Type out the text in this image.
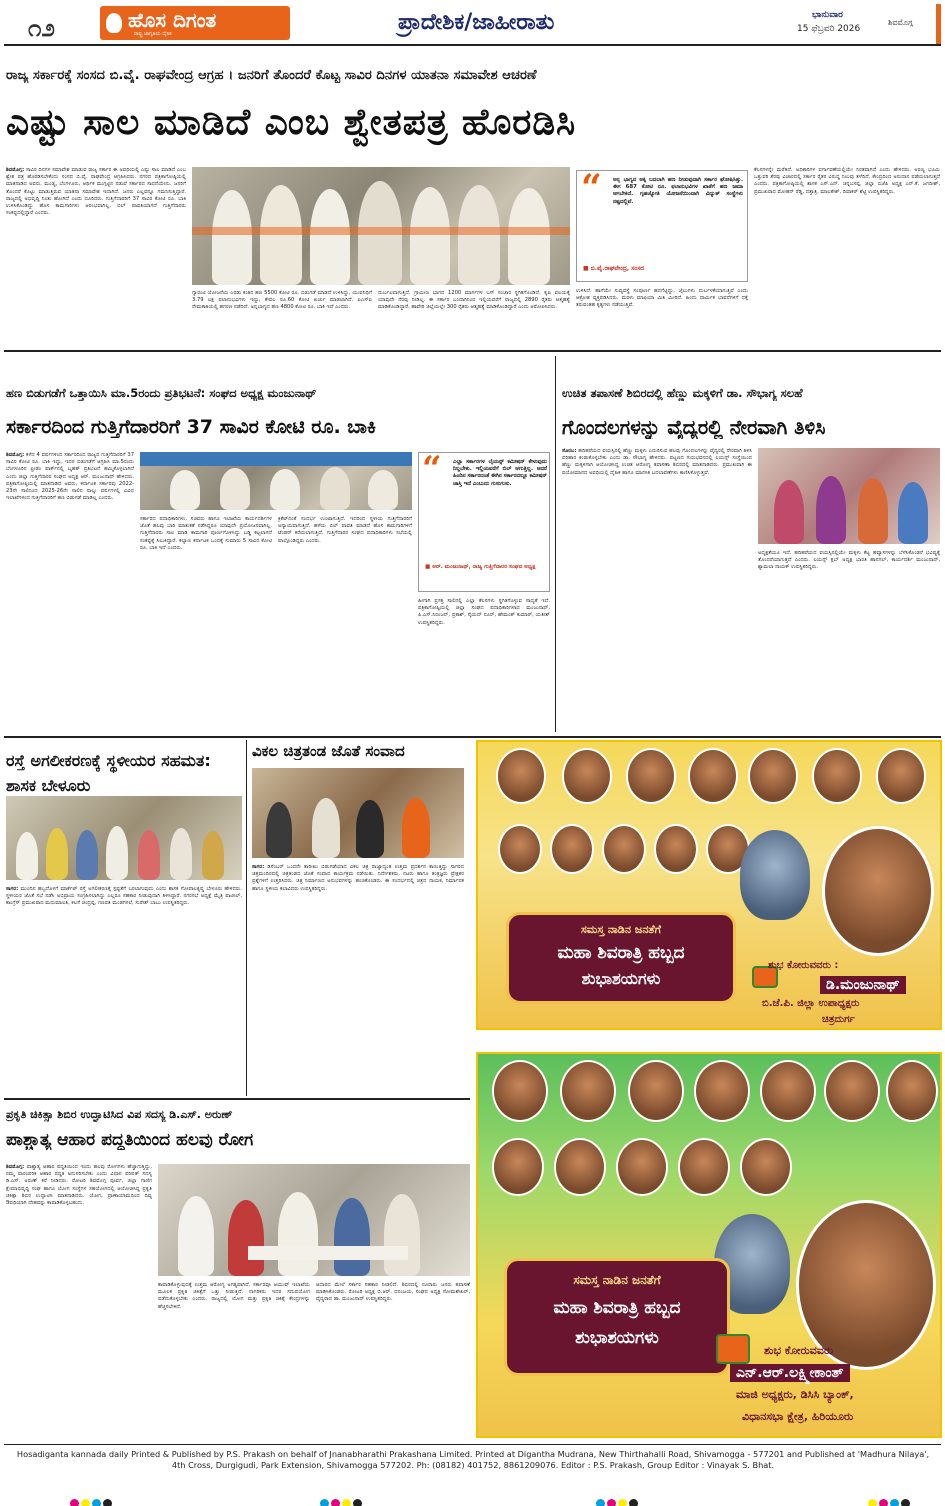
೧೨	ಹೊಸ ದಿಗಂತ
ರಾಷ್ಟ್ರ ಜಾಗೃತಿಯ ದೈನಿಕ	ಪ್ರಾದೇಶಿಕ/ಜಾಹೀರಾತು	ಭಾನುವಾರ
15 ಫೆಬ್ರವರಿ 2026
ಶಿವಮೊಗ್ಗ
ರಾಜ್ಯ ಸರ್ಕಾರಕ್ಕೆ ಸಂಸದ ಬಿ.ವೈ. ರಾಘವೇಂದ್ರ ಆಗ್ರಹ । ಜನರಿಗೆ ತೊಂದರೆ ಕೊಟ್ಟ ಸಾವಿರ ದಿನಗಳ ಯಾತನಾ ಸಮಾವೇಶ ಆಚರಣೆ
ಎಷ್ಟು ಸಾಲ ಮಾಡಿದೆ ಎಂಬ ಶ್ವೇತಪತ್ರ ಹೊರಡಿಸಿ
ಶಿವಮೊಗ್ಗ: ಸಾವಿರ ದಿನಗಳ ಸಮಾವೇಶ ಮಾಡುವ ರಾಜ್ಯ ಸರ್ಕಾರ ಈ ಅವಧಿಯಲ್ಲಿ ಎಷ್ಟು ಸಾಲ ಮಾಡಿದೆ ಎಂಬ ಶ್ವೇತ ಪತ್ರ ಹೊರಡಿಸಬೇಕೆಂದು ಸಂಸದ ಬಿ.ವೈ. ರಾಘವೇಂದ್ರ ಆಗ್ರಹಿಸಿದರು. ನಗರದ ಪತ್ರಿಕಾಗೋಷ್ಠಿಯಲ್ಲಿ ಮಾತನಾಡಿದ ಅವರು, ಮಂಡ್ಯ, ಬೆಂಗಳೂರು, ಆರ್ಥಿಕ ಮುಗ್ಗಟ್ಟಿನ ನಡುವೆ ಸರ್ಕಾರದ ಸಾಧನೆಯೇನು. ಜನರಿಗೆ ತೊಂದರೆ ಕೊಟ್ಟು ಮಾಡುತ್ತಿರುವ ಯಾತನಾ ಸಮಾವೇಶ ಇದಾಗಿದೆ. ಜನರು ಎಲ್ಲವನ್ನೂ ಗಮನಿಸುತ್ತಿದ್ದಾರೆ. ರಾಜ್ಯದಲ್ಲಿ ಅಭಿವೃದ್ಧಿ ನಿಂತು ಹೋಗಿದೆ ಎಂದು ದೂರಿದರು. ಗುತ್ತಿಗೆದಾರರಿಗೆ 37 ಸಾವಿರ ಕೋಟಿ ರೂ. ಬಾಕಿ ಉಳಿಸಿಕೊಂಡಿದ್ದು ಹೊಸ ಕಾಮಗಾರಿಗಳು ಆರಂಭವಾಗಿಲ್ಲ. ಬಿಲ್ ಪಾವತಿಯಾಗದೆ ಗುತ್ತಿಗೆದಾರರು ಸಂಕಷ್ಟದಲ್ಲಿದ್ದಾರೆ ಎಂದರು.
ಗ್ಯಾರಂಟಿ ಯೋಜನೆಯ ಎರಡು ಕಂತಿನ ಹಣ 5500 ಕೋಟಿ ರೂ. ಬಿಡುಗಡೆ ಮಾಡದೆ ಉಳಿಸಿದ್ದು, ಯುವನಿಧಿಗೆ 3.79 ಲಕ್ಷ ಫಲಾನುಭವಿಗಳು ಇದ್ದು, ಕೇವಲ ರೂ.60 ಕೋಟಿ ಖರ್ಚು ಮಾಡಲಾಗಿದೆ. ಪಿಎಸ್ಐ ನೇಮಕಾತಿಯಲ್ಲಿ ಹಗರಣ ನಡೆದಿದೆ. ಅನ್ನಭಾಗ್ಯದ ಹಣ 4800 ಕೋಟಿ ರೂ. ಬಾಕಿ ಇದೆ ಎಂದರು.
ದುರ್ಬಲವಾಗುತ್ತಿದೆ. ಗ್ರಾಮೀಣ ಭಾಗದ 1200 ಮಾರ್ಗಗಳ ಬಸ್ ಸಂಚಾರ ಸ್ಥಗಿತಗೊಂಡಿದೆ. ಕೃಷಿ ವಲಯಕ್ಕೆ ಯಾವುದೇ ನೆರವು ನೀಡಿಲ್ಲ. ಈ ಸರ್ಕಾರ ಬಂದಾಗಿನಿಂದ ಇಲ್ಲಿಯವರೆಗೆ ರಾಜ್ಯದಲ್ಲಿ 2890 ರೈತರು ಆತ್ಮಹತ್ಯೆ ಮಾಡಿಕೊಂಡಿದ್ದಾರೆ. ಹಾವೇರಿ ಜಿಲ್ಲೆಯಲ್ಲೇ 300 ರೈತರು ಆತ್ಮಹತ್ಯೆ ಮಾಡಿಕೊಂಡಿದ್ದಾರೆ ಎಂದು ಆರೋಪಿಸಿದರು.
“ ಅನ್ನ ಭಾಗ್ಯದ ಅಕ್ಕಿ ಬದಲಾಗಿ ಹಣ ನೀಡುವುದಾಗಿ ಸರ್ಕಾರ ಘೋಷಿಸಿತ್ತು. ಈಗ 687 ಕೋಟಿ ರೂ. ಫಲಾನುಭವಿಗಳ ಖಾತೆಗೆ ಹಣ ಜಮಾ ಆಗಬೇಕಿದೆ. ಗೃಹಜ್ಯೋತಿ ಯೋಜನೆಯಿಂದಾಗಿ ವಿದ್ಯುತ್ ಸಂಸ್ಥೆಗಳು ನಷ್ಟದಲ್ಲಿವೆ.
■ ಬಿ.ವೈ.ರಾಘವೇಂದ್ರ, ಸಂಸದ
ಉಳಿಸಿದೆ. ಹಾಗೆಯೇ ಸುವ್ಯವಸ್ಥೆ ಸಂಪೂರ್ಣ ಹದಗೆಟ್ಟಿದ್ದು, ಜೈಲುಗಳು ದುರ್ಬಳಕೆಯಾಗುತ್ತಿವೆ ಎಂದು ಆಕ್ರೋಶ ವ್ಯಕ್ತಪಡಿಸಿದರು. ಮರಳು ಮಾಫಿಯಾ ಮಿತಿ ಮೀರಿದೆ. ಹಿಂದು ಧಾರ್ಮಿಕ ಭಾವನೆಗಳಿಗೆ ಧಕ್ಕೆ ತರುವಂತಹ ಕೃತ್ಯಗಳು ನಡೆಯುತ್ತಿವೆ.
ಕೆಲಸಗಳನ್ನೇ ಮರೆತಿದೆ. ಅಧಿಕಾರಿಗಳ ವರ್ಗಾವಣೆಯಲ್ಲಿಯೇ ನಿರತವಾಗಿದೆ ಎಂದು ಹೇಳಿದರು. ಅರಣ್ಯ ಭೂಮಿ ಒತ್ತುವರಿ ತೆರವು ವಿಚಾರದಲ್ಲಿ ಸರ್ಕಾರ ರೈತರ ವಿರುದ್ಧ ನಿಲುವು ತಳೆದಿದೆ. ಕೇಂದ್ರದಿಂದ ಅನುದಾನ ಪಡೆಯಲಾಗುತ್ತದೆ ಎಂದರು. ಪತ್ರಿಕಾಗೋಷ್ಠಿಯಲ್ಲಿ ಶಾಸಕ ಎಸ್.ಎನ್. ಚನ್ನಬಸಪ್ಪ, ಜಿಲ್ಲಾ ಬಿಜೆಪಿ ಅಧ್ಯಕ್ಷ ಎನ್.ಕೆ. ಜಗದೀಶ್, ಪ್ರಮುಖರಾದ ಮೋಹನ್ ರೆಡ್ಡಿ, ದತ್ತಾತ್ರಿ, ಮಾಲತೇಶ್, ದಿವಾಕರ್ ಶೆಟ್ಟಿ ಉಪಸ್ಥಿತರಿದ್ದರು.
ಹಣ ಬಿಡುಗಡೆಗೆ ಒತ್ತಾಯಿಸಿ ಮಾ.5ರಂದು ಪ್ರತಿಭಟನೆ: ಸಂಘದ ಅಧ್ಯಕ್ಷ ಮಂಜುನಾಥ್
ಸರ್ಕಾರದಿಂದ ಗುತ್ತಿಗೆದಾರರಿಗೆ 37 ಸಾವಿರ ಕೋಟಿ ರೂ. ಬಾಕಿ
ಶಿವಮೊಗ್ಗ: ಕಳೆದ 4 ವರ್ಷಗಳಿಂದ ಸರ್ಕಾರದಿಂದ ರಾಜ್ಯದ ಗುತ್ತಿಗೆದಾರರಿಗೆ 37 ಸಾವಿರ ಕೋಟಿ ರೂ. ಬಾಕಿ ಇದ್ದು, ಇದರ ಬಿಡುಗಡೆಗೆ ಆಗ್ರಹಿಸಿ ಮಾ.5ರಂದು ಬೆಂಗಳೂರಿನ ಫ್ರೀಡಂ ಪಾರ್ಕ್‌ನಲ್ಲಿ ಬೃಹತ್ ಪ್ರತಿಭಟನೆ ಹಮ್ಮಿಕೊಳ್ಳಲಾಗಿದೆ ಎಂದು ಜಿಲ್ಲಾ ಗುತ್ತಿಗೆದಾರರ ಸಂಘದ ಅಧ್ಯಕ್ಷ ಆರ್. ಮಂಜುನಾಥ್ ಹೇಳಿದರು. ಪತ್ರಿಕಾಗೋಷ್ಠಿಯಲ್ಲಿ ಮಾತನಾಡಿದ ಅವರು, ಕರ್ನಾಟಕ ಸರ್ಕಾರವು 2022-23ನೇ ಸಾಲಿನಿಂದ 2025-26ನೇ ಸಾಲಿನ ನಾಲ್ಕು ವರ್ಷಗಳಲ್ಲಿ ವಿವಿಧ ಇಲಾಖೆಗಳಿಂದ ಗುತ್ತಿಗೆದಾರರಿಗೆ ಹಣ ಬಿಡುಗಡೆ ಮಾಡಿಲ್ಲ ಎಂದರು.
ಸರ್ಕಾರದ ಪದಾಧಿಕಾರಿಗಳು, ಸಚಿವರು ಹಾಗೂ ಇಲಾಖೆಯ ಕಾರ್ಯದರ್ಶಿಗಳ ಜೊತೆ ಹಲವು ಬಾರಿ ಮಾತುಕತೆ ನಡೆಸಿದ್ದರೂ ಯಾವುದೇ ಪ್ರಯೋಜನವಾಗಿಲ್ಲ. ಗುತ್ತಿಗೆದಾರರು ಸಾಲ ಮಾಡಿ ಕಾಮಗಾರಿ ಪೂರ್ಣಗೊಳಿಸಿದ್ದು ಬಡ್ಡಿ ಕಟ್ಟಲಾಗದೆ ಸಂಕಷ್ಟಕ್ಕೆ ಸಿಲುಕಿದ್ದಾರೆ. ಕಲ್ಯಾಣ ಕರ್ನಾಟಕ ಒಂದಕ್ಕೆ ಸುಮಾರು 5 ಸಾವಿರ ಕೋಟಿ ರೂ. ಬಾಕಿ ಇದೆ ಎಂದರು.
ಕ್ರಿಕೆಟ್‌ನಂತೆ ಸಂದರ್ಭ ಉಂಟಾಗುತ್ತಿದೆ. ಇದರಿಂದ ಸ್ಥಳೀಯ ಗುತ್ತಿಗೆದಾರರಿಗೆ ಅನ್ಯಾಯವಾಗುತ್ತಿದೆ. ಹಳೆಯ ಬಿಲ್ ಪಾವತಿ ಮಾಡದೆ ಹೊಸ ಕಾಮಗಾರಿಗಳಿಗೆ ಟೆಂಡರ್ ಕರೆಯಲಾಗುತ್ತಿದೆ. ಗುತ್ತಿಗೆದಾರರ ಸಂಘದ ಪದಾಧಿಕಾರಿಗಳು ಸಭೆಯಲ್ಲಿ ಪಾಲ್ಗೊಂಡಿದ್ದರು ಎಂದರು.
“ ಎಲ್ಲಾ ಸರ್ಕಾರಗಳ ಲೈಯನ್ಸ್ ಕಮೀಷನ್ ಕೇಳುವುದು ನಿಲ್ಲಬೇಕು. ಇಲ್ಲಿಯವರೆಗೆ ಬಿಲ್ ಆಗುತ್ತಿಲ್ಲ. ಆದರೆ ಹಿಂದಿನ ಸರ್ಕಾರದಂತೆ ಈಗಿನ ಸರ್ಕಾರದಲ್ಲೂ ಕಮೀಷನ್ ಜಾಸ್ತಿ ಇದೆ ಎಂಬುದು ಗುಸುಗುಸು.
■ ಆರ್. ಮಂಜುನಾಥ್, ರಾಜ್ಯ ಗುತ್ತಿಗೆದಾರರ ಸಂಘದ ಅಧ್ಯಕ್ಷ
ಹೀಗಾಗಿ ಪ್ರಸಕ್ತ ಸಾಲಿನಲ್ಲಿ ಎಲ್ಲಾ ಕೆಲಸಗಳು ಸ್ಥಗಿತಗೊಳ್ಳುವ ಸಾಧ್ಯತೆ ಇದೆ. ಪತ್ರಿಕಾಗೋಷ್ಠಿಯಲ್ಲಿ ಜಿಲ್ಲಾ ಸಂಘದ ಪದಾಧಿಕಾರಿಗಳಾದ ಮಂಜುನಾಥ್, ಪಿ.ಎಸ್.ನಿರಂಜನ್, ಪ್ರಕಾಶ್, ಸೈಯದ್ ನೂರ್, ಹೇಮಂತ್ ಕುಮಾರ್, ಯತೀಶ್ ಉಪಸ್ಥಿತರಿದ್ದರು.
ಉಚಿತ ತಪಾಸಣೆ ಶಿಬಿರದಲ್ಲಿ ಹೆಣ್ಣು ಮಕ್ಕಳಿಗೆ ಡಾ. ಸೌಭಾಗ್ಯ ಸಲಹೆ
ಗೊಂದಲಗಳನ್ನು ವೈದ್ಯರಲ್ಲಿ ನೇರವಾಗಿ ತಿಳಿಸಿ
ಸೊರಬ: ಹದಿಹರೆಯದ ವಯಸ್ಸಿನಲ್ಲಿ ಹೆಣ್ಣು ಮಕ್ಕಳು ಎದುರಿಸುವ ಹಲವು ಗೊಂದಲಗಳನ್ನು ವೈದ್ಯರಲ್ಲಿ ನೇರವಾಗಿ ತಿಳಿಸಿ ಪರಿಹಾರ ಕಂಡುಕೊಳ್ಳಬೇಕು ಎಂದು ಡಾ. ಸೌಭಾಗ್ಯ ಹೇಳಿದರು. ಪಟ್ಟಣದ ಗುರುಭವನದಲ್ಲಿ ಲಯನ್ಸ್ ಸಂಸ್ಥೆಯಿಂದ ಹೆಣ್ಣು ಮಕ್ಕಳಿಗಾಗಿ ಆಯೋಜಿಸಿದ್ದ ಉಚಿತ ಆರೋಗ್ಯ ತಪಾಸಣಾ ಶಿಬಿರದಲ್ಲಿ ಮಾತನಾಡಿದರು. ಪ್ರಮುಖವಾಗಿ ಈ ವಯೋಮಾನದ ಅವಧಿಯಲ್ಲಿ ದೈಹಿಕ ಹಾಗೂ ಮಾನಸಿಕ ಬದಲಾವಣೆಗಳು ಕಾಣಿಸಿಕೊಳ್ಳುತ್ತವೆ.
ಅಧ್ಯಕ್ಷತೆಯೂ ಇದೆ. ಹದಿಹರೆಯದ ವಯಸ್ಸಿನಲ್ಲಿಯೇ ಮಕ್ಕಳು ಕೆಟ್ಟ ಹವ್ಯಾಸಗಳನ್ನು ಬೆಳೆಸಿಕೊಂಡರೆ ಭವಿಷ್ಯಕ್ಕೆ ತೊಂದರೆಯಾಗುತ್ತದೆ ಎಂದರು. ಲಯನ್ಸ್ ಕ್ಲಬ್ ಅಧ್ಯಕ್ಷ ಭಾರತಿ ಹಾನಗಲ್, ಕಾರ್ಯದರ್ಶಿ ಮಂಜುನಾಥ್, ಶ್ಯಾಮಲಾ ನಾಯಕ್ ಉಪಸ್ಥಿತರಿದ್ದರು.
ರಸ್ತೆ ಅಗಲೀಕರಣಕ್ಕೆ ಸ್ಥಳೀಯರ ಸಹಮತ: ಶಾಸಕ ಬೇಳೂರು
ಸಾಗರ: ಮುಂದಿನ ಹಬ್ಬದೊಳಗೆ ಮಾರ್ಕೆಟ್ ರಸ್ತೆ ಅಗಲೀಕರಣಕ್ಕೆ ಸ್ಪಷ್ಟತೆಗೆ ಬರಲಾಗುವುದು ಎಂದು ಶಾಸಕ ಗೋಪಾಲಕೃಷ್ಣ ಬೇಳೂರು ಹೇಳಿದರು. ಸ್ಥಳೀಯರ ಜೊತೆ ಸಭೆ ನಡೆಸಿ ಅಭಿಪ್ರಾಯ ಸಂಗ್ರಹಿಸಲಾಗಿದ್ದು ಎಲ್ಲರೂ ಸಹಕಾರ ನೀಡುವುದಾಗಿ ತಿಳಿಸಿದ್ದಾರೆ. ನಗರಸಭೆ ಅಧ್ಯಕ್ಷೆ ಮೈತ್ರಿ ಪಾಟೀಲ್, ಕಾಂಗ್ರೆಸ್ ಪ್ರಮುಖರಾದ ಮಧುಮಾಲತಿ, ಕಲಸೆ ಚಂದ್ರಪ್ಪ, ಗಣಪತಿ ಮಂಡಗಳಲೆ, ಸುರೇಶ್ ಬಾಬು ಉಪಸ್ಥಿತರಿದ್ದರು.
ವಿಕಲ ಚಿತ್ರತಂಡ ಜೊತೆ ಸಂವಾದ
ಸಾಗರ: ಡಿಸೆಂಬರ್ ಒಂದನೇ ತಾರೀಖು ಬಿಡುಗಡೆಯಾದ ವಿಕಲ ಚಿತ್ರ ರಾಜ್ಯಾದ್ಯಂತ ಉತ್ತಮ ಪ್ರದರ್ಶನ ಕಾಣುತ್ತಿದ್ದು ಸಾಗರದ ಚಿತ್ರಮಂದಿರದಲ್ಲಿ ಚಿತ್ರತಂಡದ ಜೊತೆ ಸಂವಾದ ಕಾರ್ಯಕ್ರಮ ನಡೆಯಿತು. ನಿರ್ದೇಶಕರು, ನಟರು ಹಾಗೂ ತಂತ್ರಜ್ಞರು ಪ್ರೇಕ್ಷಕರ ಪ್ರಶ್ನೆಗಳಿಗೆ ಉತ್ತರಿಸಿದರು. ಚಿತ್ರ ನಿರ್ಮಾಣದ ಅನುಭವಗಳನ್ನು ಹಂಚಿಕೊಂಡರು. ಈ ಸಂದರ್ಭದಲ್ಲಿ ಚಿತ್ರದ ನಾಯಕ, ನಿರ್ಮಾಪಕ ಹಾಗೂ ಸ್ಥಳೀಯ ಕಲಾವಿದರು ಉಪಸ್ಥಿತರಿದ್ದರು.
ಸಮಸ್ತ ನಾಡಿನ ಜನತೆಗೆ
ಮಹಾ ಶಿವರಾತ್ರಿ ಹಬ್ಬದ
ಶುಭಾಶಯಗಳು
ಶುಭ ಕೋರುವವರು :
ಡಿ.ಮಂಜುನಾಥ್
ಬಿ.ಜೆ.ಪಿ. ಜಿಲ್ಲಾ ಉಪಾಧ್ಯಕ್ಷರು
ಚಿತ್ರದುರ್ಗ
ಪ್ರಕೃತಿ ಚಿಕಿತ್ಸಾ ಶಿಬಿರ ಉದ್ಘಾಟಿಸಿದ ವಿಪ ಸದಸ್ಯ ಡಿ.ಎಸ್. ಅರುಣ್
ಪಾಶ್ಚಾತ್ಯ ಆಹಾರ ಪದ್ಧತಿಯಿಂದ ಹಲವು ರೋಗ
ಶಿವಮೊಗ್ಗ: ಪಾಶ್ಚಾತ್ಯ ಆಹಾರ ಪದ್ಧತಿಯಿಂದ ಇಂದು ಹಲವು ರೋಗಗಳು ಹೆಚ್ಚಾಗುತ್ತಿದ್ದು, ನಮ್ಮ ಪಾರಂಪರಿಕ ಆಹಾರ ಪದ್ಧತಿ ಅನುಸರಿಸಬೇಕು ಎಂದು ವಿಧಾನ ಪರಿಷತ್ ಸದಸ್ಯ ಡಿ.ಎಸ್. ಅರುಣ್ ಕರೆ ನೀಡಿದರು. ರೋಟರಿ ಶಿವಮೊಗ್ಗ ಪೂರ್ವ, ಜಿಲ್ಲಾ ಗಾಣಿಗ ಕ್ಷೇಮಾಭಿವೃದ್ಧಿ ಸಂಘ ಹಾಗೂ ಯೋಗ ಸಂಸ್ಥೆಗಳ ಸಹಯೋಗದಲ್ಲಿ ಆಯೋಜಿಸಿದ್ದ ಪ್ರಕೃತಿ ಚಿಕಿತ್ಸಾ ಶಿಬಿರ ಉದ್ಘಾಟಿಸಿ ಮಾತನಾಡಿದರು. ಯೋಗ, ಪ್ರಾಣಾಯಾಮದಿಂದ ದಿವ್ಯ ಔಷಧಿಯಾಗಿ ದೇಹವನ್ನು ಕಾಪಾಡಿಕೊಳ್ಳಬಹುದು.
ಕಾಪಾಡಿಕೊಳ್ಳುವುದಕ್ಕೆ ಉತ್ತಮ ಆರೋಗ್ಯ ಅಗತ್ಯವಾಗಿದೆ. ಸರ್ಕಾರವೂ ಆಯುಷ್ ಇಲಾಖೆಯ ಮೂಲಕ ಪ್ರಕೃತಿ ಚಿಕಿತ್ಸೆಗೆ ಒತ್ತು ನೀಡುತ್ತಿದೆ. ನಾಗರಿಕರು ಇದರ ಸದುಪಯೋಗ ಪಡೆದುಕೊಳ್ಳಬೇಕು ಎಂದರು. ರಾಜ್ಯದಲ್ಲಿ ಯೋಗ ಮತ್ತು ಪ್ರಕೃತಿ ಚಿಕಿತ್ಸೆ ಕೇಂದ್ರಗಳನ್ನು ಹೆಚ್ಚಿಸಬೇಕಿದೆ.
ಆಧಾರದ ಮೇಲೆ ಸರ್ಕಾರ ಸಹಕಾರ ನೀಡಲಿದೆ. ಶಿಬಿರದಲ್ಲಿ ನೂರಾರು ಜನರು ತಪಾಸಣೆ ಮಾಡಿಸಿಕೊಂಡರು. ರೋಟರಿ ಅಧ್ಯಕ್ಷ ಬಿ.ಆರ್. ಧನಂಜಯ, ಸಂಘದ ಅಧ್ಯಕ್ಷ ಸೋಮಶೇಖರ್, ವೈದ್ಯರಾದ ಡಾ. ಮಂಜುನಾಥ್ ಉಪಸ್ಥಿತರಿದ್ದರು.
ಸಮಸ್ತ ನಾಡಿನ ಜನತೆಗೆ
ಮಹಾ ಶಿವರಾತ್ರಿ ಹಬ್ಬದ
ಶುಭಾಶಯಗಳು
ಶುಭ ಕೋರುವವರು
ಎನ್.ಆರ್.ಲಕ್ಷ್ಮೀಕಾಂತ್
ಮಾಜಿ ಅಧ್ಯಕ್ಷರು, ಡಿಸಿಸಿ ಬ್ಯಾಂಕ್,
ವಿಧಾನಸಭಾ ಕ್ಷೇತ್ರ, ಹಿರಿಯೂರು
Hosadiganta kannada daily Printed & Published by P.S. Prakash on behalf of Jnanabharathi Prakashana Limited. Printed at Digantha Mudrana, New Thirthahalli Road, Shivamogga - 577201 and Published at 'Madhura Nilaya', 4th Cross, Durgigudi, Park Extension, Shivamogga 577202. Ph: (08182) 401752, 8861209076. Editor : P.S. Prakash, Group Editor : Vinayak S. Bhat.
